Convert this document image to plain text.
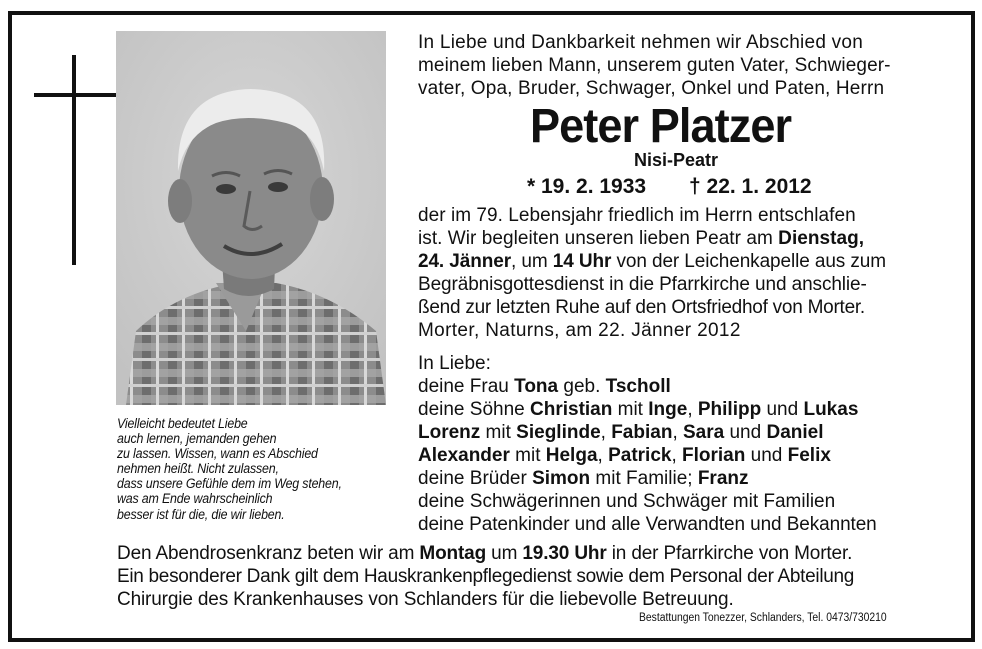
Vielleicht bedeutet Liebe
auch lernen, jemanden gehen
zu lassen. Wissen, wann es Abschied
nehmen heißt. Nicht zulassen,
dass unsere Gefühle dem im Weg stehen,
was am Ende wahrscheinlich
besser ist für die, die wir lieben.
In Liebe und Dankbarkeit nehmen wir Abschied von
meinem lieben Mann, unserem guten Vater, Schwieger-
vater, Opa, Bruder, Schwager, Onkel und Paten, Herrn
Peter Platzer
Nisi-Peatr
* 19. 2. 1933 † 22. 1. 2012
der im 79. Lebensjahr friedlich im Herrn entschlafen
ist. Wir begleiten unseren lieben Peatr am Dienstag,
24. Jänner, um 14 Uhr von der Leichenkapelle aus zum
Begräbnisgottesdienst in die Pfarrkirche und anschlie-
ßend zur letzten Ruhe auf den Ortsfriedhof von Morter.
Morter, Naturns, am 22. Jänner 2012
In Liebe:
deine Frau Tona geb. Tscholl
deine Söhne Christian mit Inge, Philipp und Lukas
Lorenz mit Sieglinde, Fabian, Sara und Daniel
Alexander mit Helga, Patrick, Florian und Felix
deine Brüder Simon mit Familie; Franz
deine Schwägerinnen und Schwäger mit Familien
deine Patenkinder und alle Verwandten und Bekannten
Den Abendrosenkranz beten wir am Montag um 19.30 Uhr in der Pfarrkirche von Morter.
Ein besonderer Dank gilt dem Hauskrankenpflegedienst sowie dem Personal der Abteilung
Chirurgie des Krankenhauses von Schlanders für die liebevolle Betreuung.
Bestattungen Tonezzer, Schlanders, Tel. 0473/730210
